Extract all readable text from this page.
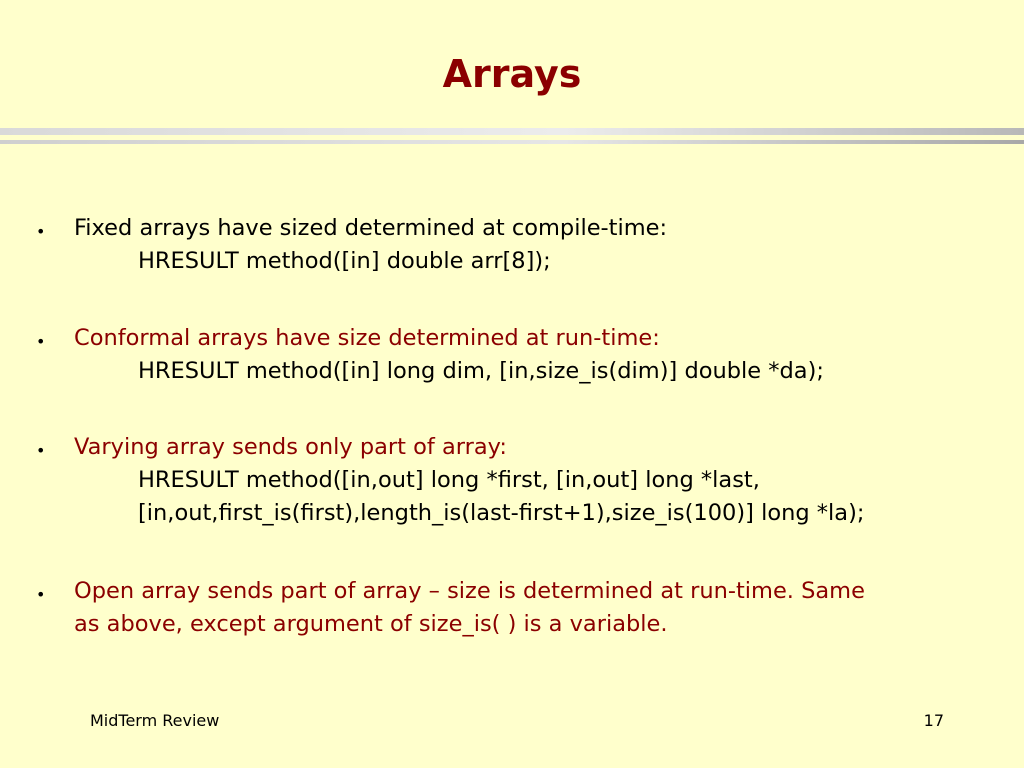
Arrays
• Fixed arrays have sized determined at compile-time:
HRESULT method([in] double arr[8]);
• Conformal arrays have size determined at run-time:
HRESULT method([in] long dim, [in,size_is(dim)] double *da);
• Varying array sends only part of array:
HRESULT method([in,out] long *first, [in,out] long *last,
[in,out,first_is(first),length_is(last-first+1),size_is(100)] long *la);
• Open array sends part of array – size is determined at run-time. Same
as above, except argument of size_is( ) is a variable.
MidTerm Review	17
